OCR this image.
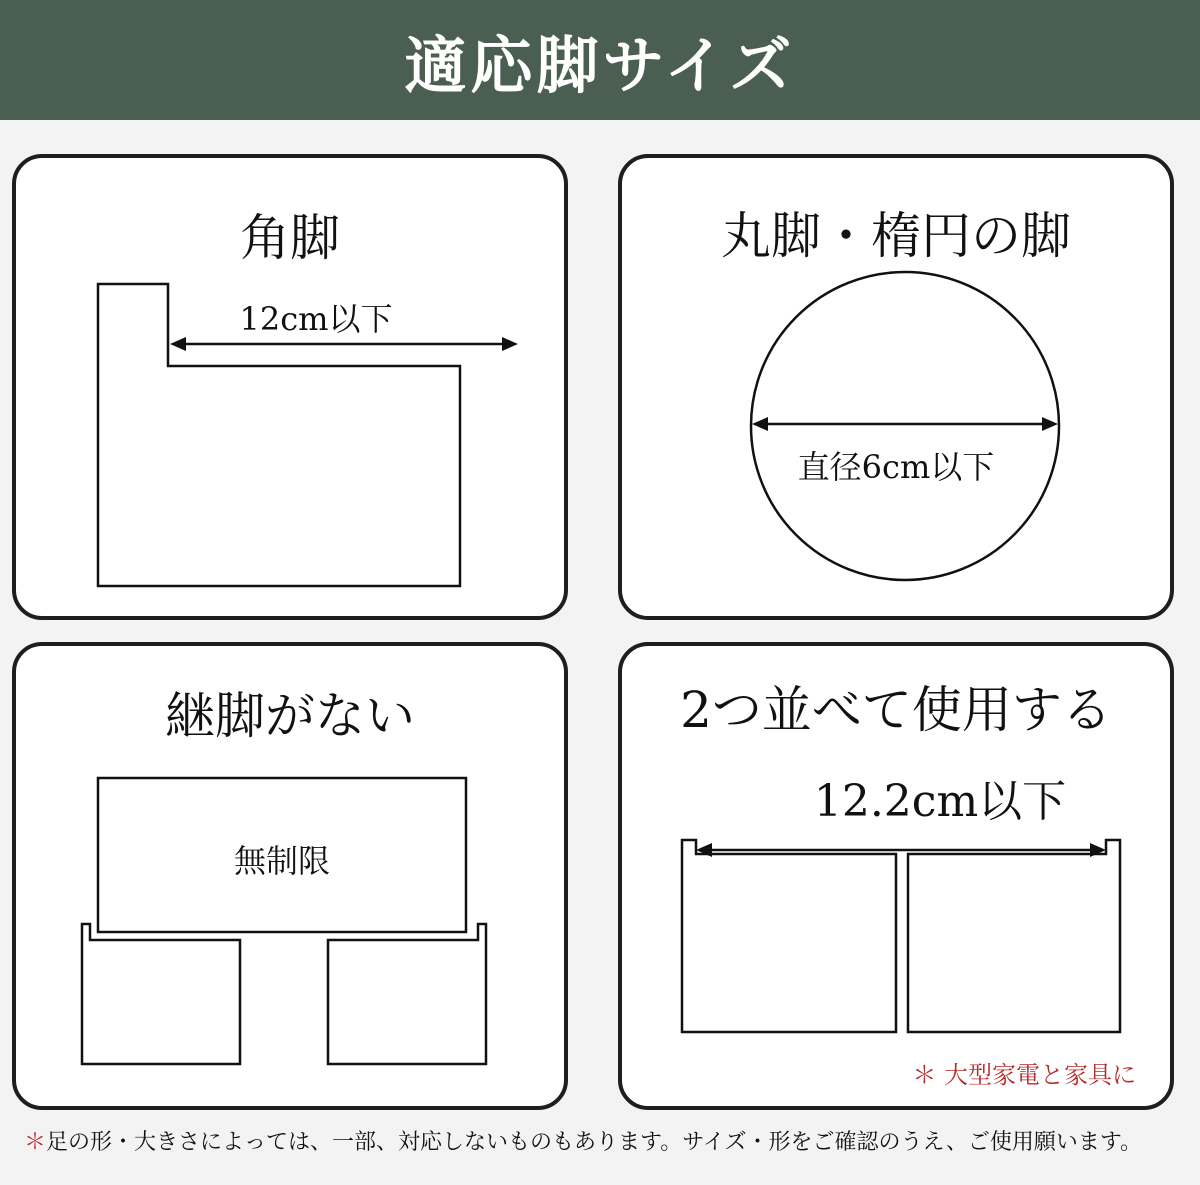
適応脚サイズ
角脚
12cm以下
丸脚・楕円の脚
直径6cm以下
継脚がない
無制限
2つ並べて使用する
12.2cm以下
＊ 大型家電と家具に
＊足の形・大きさによっては、一部、対応しないものもあります。サイズ・形をご確認のうえ、ご使用願います。
